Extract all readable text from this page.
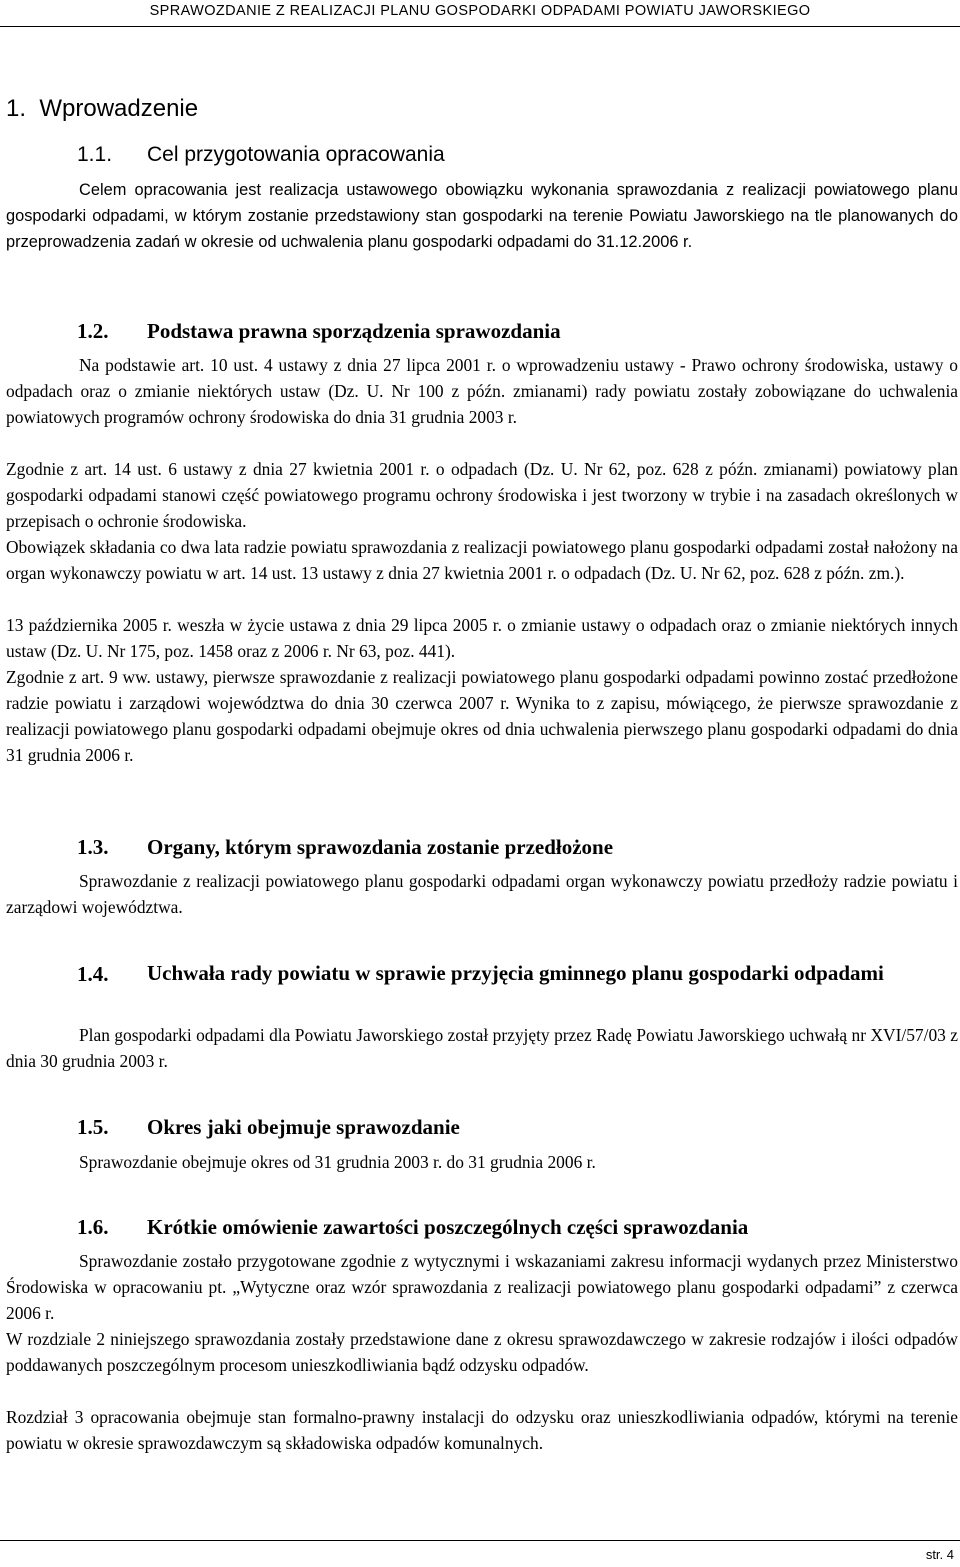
SPRAWOZDANIE Z REALIZACJI PLANU GOSPODARKI ODPADAMI POWIATU JAWORSKIEGO
1.  Wprowadzenie
1.1. Cel przygotowania opracowania
Celem opracowania jest realizacja ustawowego obowiązku wykonania sprawozdania z realizacji powiatowego planu gospodarki odpadami, w którym zostanie przedstawiony stan gospodarki na terenie Powiatu Jaworskiego na tle planowanych do przeprowadzenia zadań w okresie od uchwalenia planu gospodarki odpadami do 31.12.2006 r.
1.2. Podstawa prawna sporządzenia sprawozdania
Na podstawie art. 10 ust. 4 ustawy z dnia 27 lipca 2001 r. o wprowadzeniu ustawy - Prawo ochrony środowiska, ustawy o odpadach oraz o zmianie niektórych ustaw (Dz. U. Nr 100 z późn. zmianami) rady powiatu zostały zobowiązane do uchwalenia powiatowych programów ochrony środowiska do dnia 31 grudnia 2003 r.
Zgodnie z art. 14 ust. 6 ustawy z dnia 27 kwietnia 2001 r. o odpadach (Dz. U. Nr 62, poz. 628 z późn. zmianami) powiatowy plan gospodarki odpadami stanowi część powiatowego programu ochrony środowiska i jest tworzony w trybie i na zasadach określonych w przepisach o ochronie środowiska.
Obowiązek składania co dwa lata radzie powiatu sprawozdania z realizacji powiatowego planu gospodarki odpadami został nałożony na organ wykonawczy powiatu w art. 14 ust. 13 ustawy z dnia 27 kwietnia 2001 r. o odpadach (Dz. U. Nr 62, poz. 628 z późn. zm.).
13 października 2005 r. weszła w życie ustawa z dnia 29 lipca 2005 r. o zmianie ustawy o odpadach oraz o zmianie niektórych innych ustaw (Dz. U. Nr 175, poz. 1458 oraz z 2006 r. Nr 63, poz. 441).
Zgodnie z art. 9 ww. ustawy, pierwsze sprawozdanie z realizacji powiatowego planu gospodarki odpadami powinno zostać przedłożone radzie powiatu i zarządowi województwa do dnia 30 czerwca 2007 r. Wynika to z zapisu, mówiącego, że pierwsze sprawozdanie z realizacji powiatowego planu gospodarki odpadami obejmuje okres od dnia uchwalenia pierwszego planu gospodarki odpadami do dnia 31 grudnia 2006 r.
1.3. Organy, którym sprawozdania zostanie przedłożone
Sprawozdanie z realizacji powiatowego planu gospodarki odpadami organ wykonawczy powiatu przedłoży radzie powiatu i zarządowi województwa.
1.4. Uchwała rady powiatu w sprawie przyjęcia gminnego planu gospodarki odpadami
Plan gospodarki odpadami dla Powiatu Jaworskiego został przyjęty przez Radę Powiatu Jaworskiego uchwałą nr XVI/57/03 z dnia 30 grudnia 2003 r.
1.5. Okres jaki obejmuje sprawozdanie
Sprawozdanie obejmuje okres od 31 grudnia 2003 r. do 31 grudnia 2006 r.
1.6. Krótkie omówienie zawartości poszczególnych części sprawozdania
Sprawozdanie zostało przygotowane zgodnie z wytycznymi i wskazaniami zakresu informacji wydanych przez Ministerstwo Środowiska w opracowaniu pt. „Wytyczne oraz wzór sprawozdania z realizacji powiatowego planu gospodarki odpadami” z czerwca 2006 r.
W rozdziale 2 niniejszego sprawozdania zostały przedstawione dane z okresu sprawozdawczego w zakresie rodzajów i ilości odpadów poddawanych poszczególnym procesom unieszkodliwiania bądź odzysku odpadów.
Rozdział 3 opracowania obejmuje stan formalno-prawny instalacji do odzysku oraz unieszkodliwiania odpadów, którymi na terenie powiatu w okresie sprawozdawczym są składowiska odpadów komunalnych.
str. 4
